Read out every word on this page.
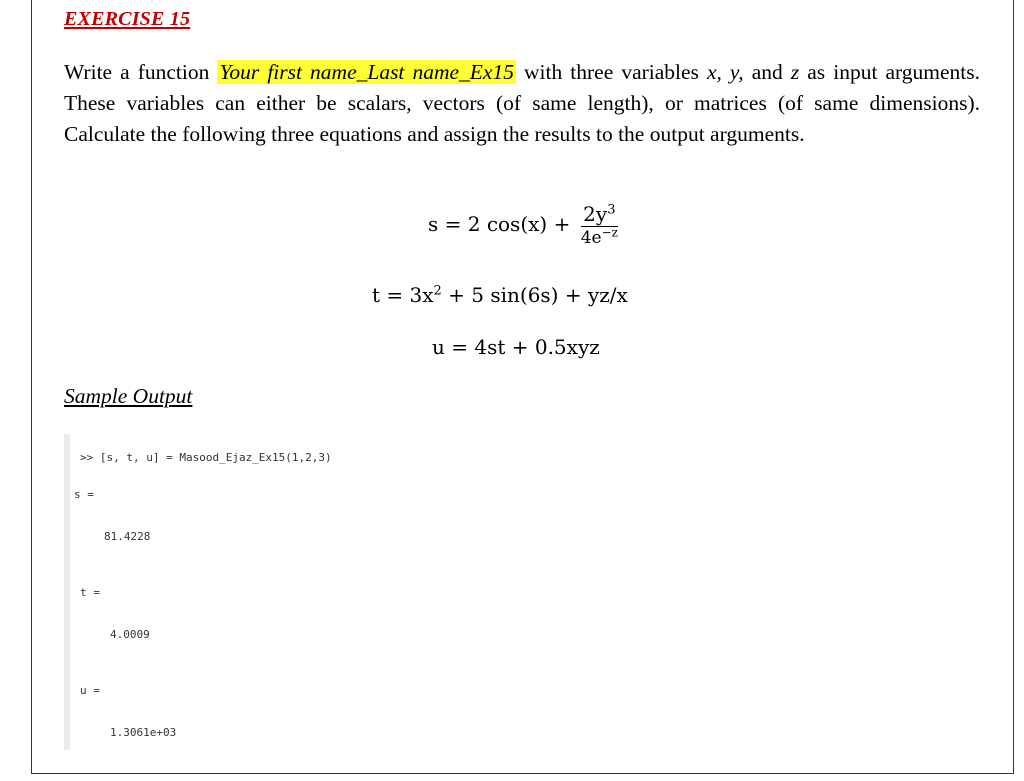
EXERCISE 15
Write a function Your first name_Last name_Ex15 with three variables x, y, and z as input arguments. These variables can either be scalars, vectors (of same length), or matrices (of same dimensions). Calculate the following three equations and assign the results to the output arguments.
s = 2 $\cos(x) + \frac{2y^3}{4e^{-z}}$
$t = 3x^2 + 5$ sin(6s) + yz/x
u = 4st + 0.5xyz
Sample Output
>> [s, t, u] = Masood_Ejaz_Ex15(1,2,3)
s =
81.4228
t =
4.0009
u =
1.3061e+03
